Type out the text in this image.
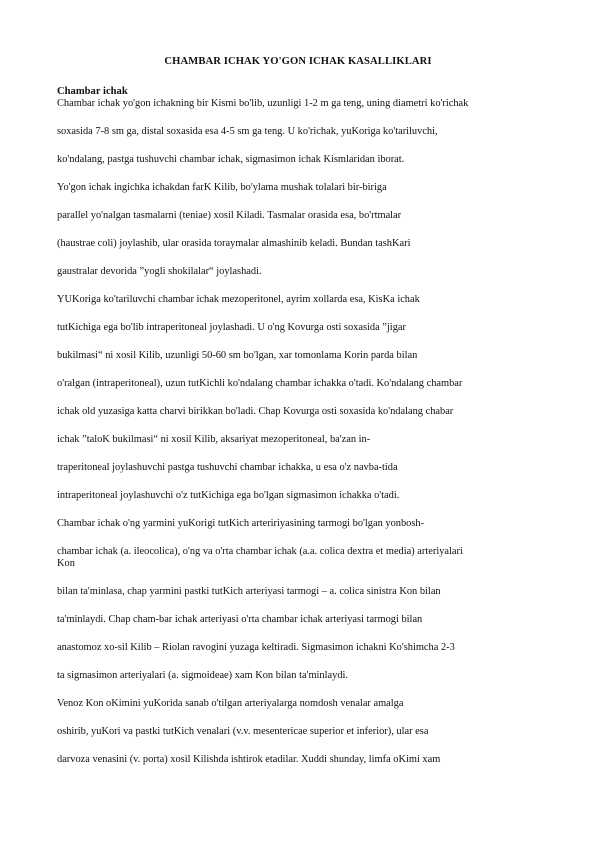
CHAMBAR ICHAK YO'GON ICHAK KASALLIKLARI
Chambar ichak
Chambar ichak yo'gon ichakning bir Kismi bo'lib, uzunligi 1-2 m ga teng, uning diametri ko'richak
soxasida 7-8 sm ga, distal soxasida esa 4-5 sm ga teng. U ko'richak, yuKoriga ko'tariluvchi,
ko'ndalang, pastga tushuvchi chambar ichak, sigmasimon ichak Kismlaridan iborat.
Yo'gon ichak ingichka ichakdan farK Kilib, bo'ylama mushak tolalari bir-biriga
parallel yo'nalgan tasmalarni (teniae) xosil Kiladi. Tasmalar orasida esa, bo'rtmalar
(haustrae coli) joylashib, ular orasida toraymalar almashinib keladi. Bundan tashKari
gaustralar devorida ”yogli shokilalar“ joylashadi.
YUKoriga ko'tariluvchi chambar ichak mezoperitonel, ayrim xollarda esa, KisKa ichak
tutKichiga ega bo'lib intraperitoneal joylashadi. U o'ng Kovurga osti soxasida ”jigar
bukilmasi“ ni xosil Kilib, uzunligi 50-60 sm bo'lgan, xar tomonlama Korin parda bilan
o'ralgan (intraperitoneal), uzun tutKichli ko'ndalang chambar ichakka o'tadi. Ko'ndalang chambar
ichak old yuzasiga katta charvi birikkan bo'ladi. Chap Kovurga osti soxasida ko'ndalang chabar
ichak ”taloK bukilmasi“ ni xosil Kilib, aksariyat mezoperitoneal, ba'zan in-
traperitoneal joylashuvchi pastga tushuvchi chambar ichakka, u esa o'z navba-tida
intraperitoneal joylashuvchi o'z tutKichiga ega bo'lgan sigmasimon ichakka o'tadi.
Chambar ichak o'ng yarmini yuKorigi tutKich arteririyasining tarmogi bo'lgan yonbosh-
chambar ichak (a. ileocolica), o'ng va o'rta chambar ichak (a.a. colica dextra et media) arteriyalari
Kon
bilan ta'minlasa, chap yarmini pastki tutKich arteriyasi tarmogi – a. colica sinistra Kon bilan
ta'minlaydi. Chap cham-bar ichak arteriyasi o'rta chambar ichak arteriyasi tarmogi bilan
anastomoz xo-sil Kilib – Riolan ravogini yuzaga keltiradi. Sigmasimon ichakni Ko'shimcha 2-3
ta sigmasimon arteriyalari (a. sigmoideae) xam Kon bilan ta'minlaydi.
Venoz Kon oKimini yuKorida sanab o'tilgan arteriyalarga nomdosh venalar amalga
oshirib, yuKori va pastki tutKich venalari (v.v. mesentericae superior et inferior), ular esa
darvoza venasini (v. porta) xosil Kilishda ishtirok etadilar. Xuddi shunday, limfa oKimi xam
